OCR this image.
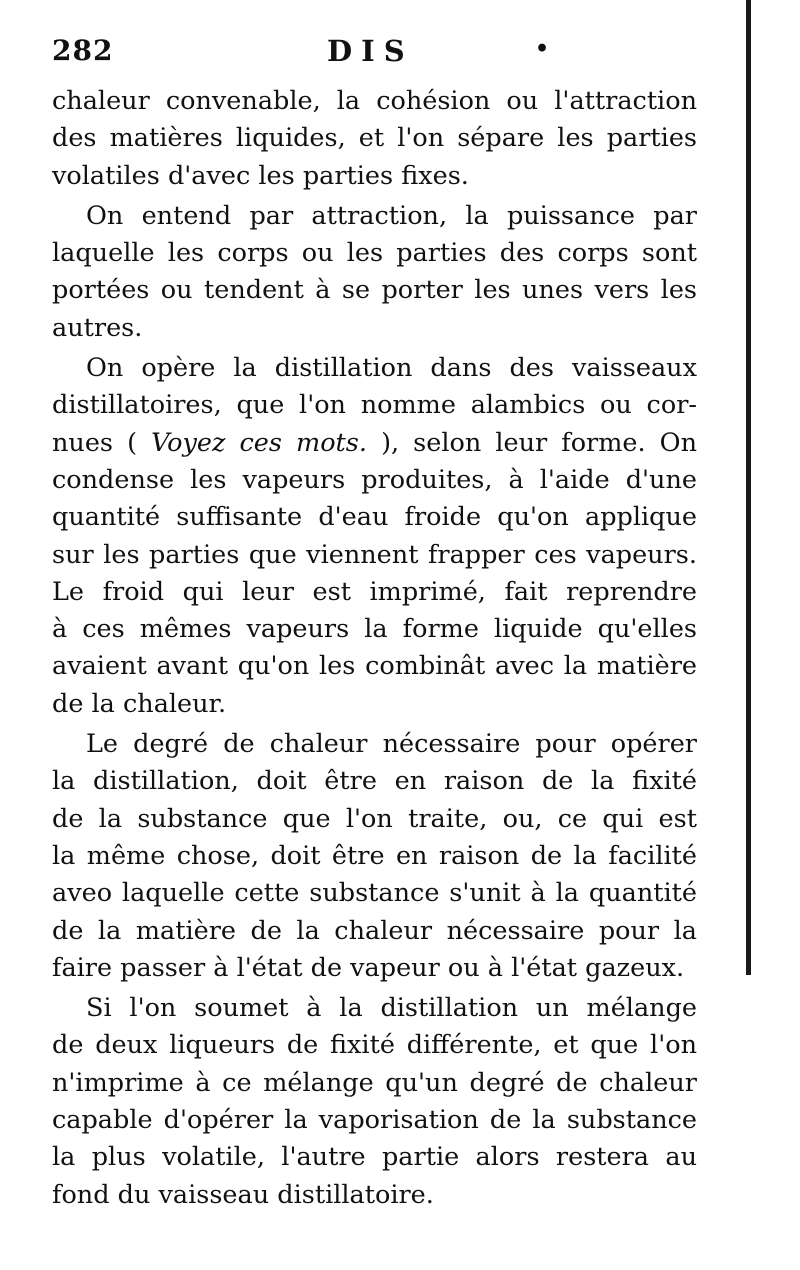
282	DIS	•
chaleur convenable, la cohésion ou l'attraction
des matières liquides, et l'on sépare les parties
volatiles d'avec les parties fixes.
On entend par attraction, la puissance par
laquelle les corps ou les parties des corps sont
portées ou tendent à se porter les unes vers les
autres.
On opère la distillation dans des vaisseaux
distillatoires, que l'on nomme alambics ou cor-
nues ( Voyez ces mots. ), selon leur forme. On
condense les vapeurs produites, à l'aide d'une
quantité suffisante d'eau froide qu'on applique
sur les parties que viennent frapper ces vapeurs.
Le froid qui leur est imprimé, fait reprendre
à ces mêmes vapeurs la forme liquide qu'elles
avaient avant qu'on les combinât avec la matière
de la chaleur.
Le degré de chaleur nécessaire pour opérer
la distillation, doit être en raison de la fixité
de la substance que l'on traite, ou, ce qui est
la même chose, doit être en raison de la facilité
aveo laquelle cette substance s'unit à la quantité
de la matière de la chaleur nécessaire pour la
faire passer à l'état de vapeur ou à l'état gazeux.
Si l'on soumet à la distillation un mélange
de deux liqueurs de fixité différente, et que l'on
n'imprime à ce mélange qu'un degré de chaleur
capable d'opérer la vaporisation de la substance
la plus volatile, l'autre partie alors restera au
fond du vaisseau distillatoire.
